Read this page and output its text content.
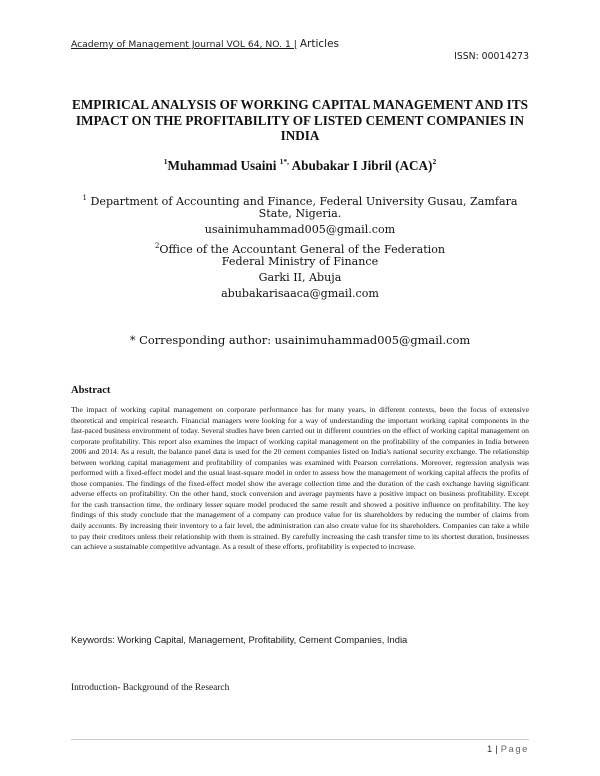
Academy of Management Journal VOL 64, NO. 1 | Articles
ISSN: 00014273
EMPIRICAL ANALYSIS OF WORKING CAPITAL MANAGEMENT AND ITS IMPACT ON THE PROFITABILITY OF LISTED CEMENT COMPANIES IN INDIA
$^1$Muhammad Usaini $^{1*,}$ Abubakar I Jibril (ACA)$^2$
$^1$ Department of Accounting and Finance, Federal University Gusau, Zamfara
State, Nigeria.
usainimuhammad005@gmail.com
$^2$Office of the Accountant General of the Federation
Federal Ministry of Finance
Garki II, Abuja
abubakarisaaca@gmail.com
* Corresponding author: usainimuhammad005@gmail.com
Abstract
The impact of working capital management on corporate performance has for many years, in different contexts, been the focus of extensive theoretical and empirical research. Financial managers were looking for a way of understanding the important working capital components in the fast-paced business environment of today. Several studies have been carried out in different countries on the effect of working capital management on corporate profitability. This report also examines the impact of working capital management on the profitability of the companies in India between 2006 and 2014. As a result, the balance panel data is used for the 20 cement companies listed on India's national security exchange. The relationship between working capital management and profitability of companies was examined with Pearson correlations. Moreover, regression analysis was performed with a fixed-effect model and the usual least-square model in order to assess how the management of working capital affects the profits of those companies. The findings of the fixed-effect model show the average collection time and the duration of the cash exchange having significant adverse effects on profitability. On the other hand, stock conversion and average payments have a positive impact on business profitability. Except for the cash transaction time, the ordinary lesser square model produced the same result and showed a positive influence on profitability. The key findings of this study conclude that the management of a company can produce value for its shareholders by reducing the number of claims from daily accounts. By increasing their inventory to a fair level, the administration can also create value for its shareholders. Companies can take a while to pay their creditors unless their relationship with them is strained. By carefully increasing the cash transfer time to its shortest duration, businesses can achieve a sustainable competitive advantage. As a result of these efforts, profitability is expected to increase.
Keywords: Working Capital, Management, Profitability, Cement Companies, India
Introduction- Background of the Research
1 | Page
